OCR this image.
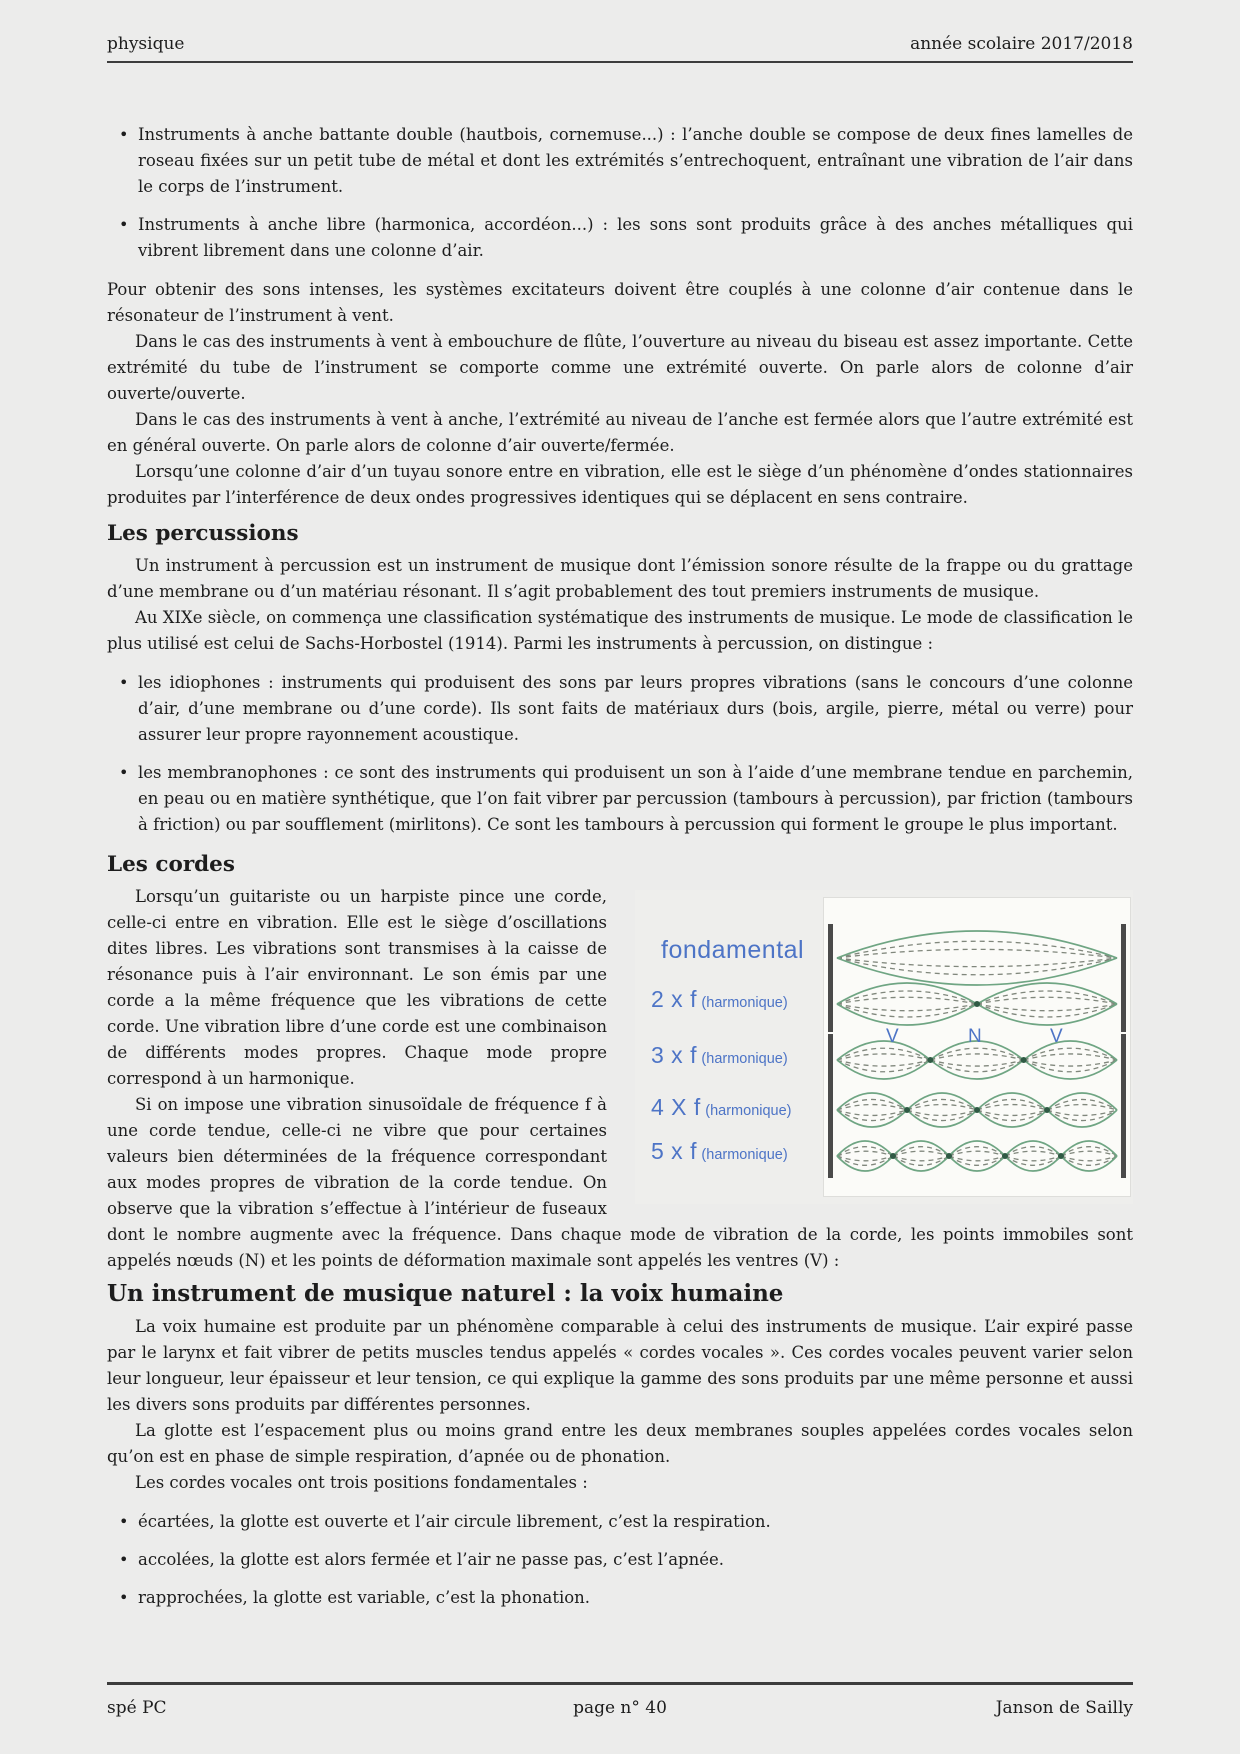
physique	année scolaire 2017/2018
• Instruments à anche battante double (hautbois, cornemuse...) : l’anche double se compose de deux fines lamelles de roseau fixées sur un petit tube de métal et dont les extrémités s’entrechoquent, entraînant une vibration de l’air dans le corps de l’instrument.
• Instruments à anche libre (harmonica, accordéon...) : les sons sont produits grâce à des anches métalliques qui vibrent librement dans une colonne d’air.

Pour obtenir des sons intenses, les systèmes excitateurs doivent être couplés à une colonne d’air contenue dans le résonateur de l’instrument à vent.

Dans le cas des instruments à vent à embouchure de flûte, l’ouverture au niveau du biseau est assez importante. Cette extrémité du tube de l’instrument se comporte comme une extrémité ouverte. On parle alors de colonne d’air ouverte/ouverte.

Dans le cas des instruments à vent à anche, l’extrémité au niveau de l’anche est fermée alors que l’autre extrémité est en général ouverte. On parle alors de colonne d’air ouverte/fermée.

Lorsqu’une colonne d’air d’un tuyau sonore entre en vibration, elle est le siège d’un phénomène d’ondes stationnaires produites par l’interférence de deux ondes progressives identiques qui se déplacent en sens contraire.

Les percussions

Un instrument à percussion est un instrument de musique dont l’émission sonore résulte de la frappe ou du grattage d’une membrane ou d’un matériau résonant. Il s’agit probablement des tout premiers instruments de musique.

Au XIXe siècle, on commença une classification systématique des instruments de musique. Le mode de classification le plus utilisé est celui de Sachs-Horbostel (1914). Parmi les instruments à percussion, on distingue :

• les idiophones : instruments qui produisent des sons par leurs propres vibrations (sans le concours d’une colonne d’air, d’une membrane ou d’une corde). Ils sont faits de matériaux durs (bois, argile, pierre, métal ou verre) pour assurer leur propre rayonnement acoustique.
• les membranophones : ce sont des instruments qui produisent un son à l’aide d’une membrane tendue en parchemin, en peau ou en matière synthétique, que l’on fait vibrer par percussion (tambours à percussion), par friction (tambours à friction) ou par soufflement (mirlitons). Ce sont les tambours à percussion qui forment le groupe le plus important.
Les cordes
fondamental
2 x f (harmonique)
3 x f (harmonique)
4 X f (harmonique)
5 x f (harmonique)
V	N	V

Lorsqu’un guitariste ou un harpiste pince une corde, celle-ci entre en vibration. Elle est le siège d’oscillations dites libres. Les vibrations sont transmises à la caisse de résonance puis à l’air environnant. Le son émis par une corde a la même fréquence que les vibrations de cette corde. Une vibration libre d’une corde est une combinaison de différents modes propres. Chaque mode propre correspond à un harmonique.

Si on impose une vibration sinusoïdale de fréquence f à une corde tendue, celle-ci ne vibre que pour certaines valeurs bien déterminées de la fréquence correspondant aux modes propres de vibration de la corde tendue. On observe que la vibration s’effectue à l’intérieur de fuseaux dont le nombre augmente avec la fréquence. Dans chaque mode de vibration de la corde, les points immobiles sont appelés nœuds (N) et les points de déformation maximale sont appelés les ventres (V) :

Un instrument de musique naturel : la voix humaine

La voix humaine est produite par un phénomène comparable à celui des instruments de musique. L’air expiré passe par le larynx et fait vibrer de petits muscles tendus appelés « cordes vocales ». Ces cordes vocales peuvent varier selon leur longueur, leur épaisseur et leur tension, ce qui explique la gamme des sons produits par une même personne et aussi les divers sons produits par différentes personnes.

La glotte est l’espacement plus ou moins grand entre les deux membranes souples appelées cordes vocales selon qu’on est en phase de simple respiration, d’apnée ou de phonation.

Les cordes vocales ont trois positions fondamentales :

• écartées, la glotte est ouverte et l’air circule librement, c’est la respiration.
• accolées, la glotte est alors fermée et l’air ne passe pas, c’est l’apnée.
• rapprochées, la glotte est variable, c’est la phonation.
spé PC	page n° 40	Janson de Sailly
